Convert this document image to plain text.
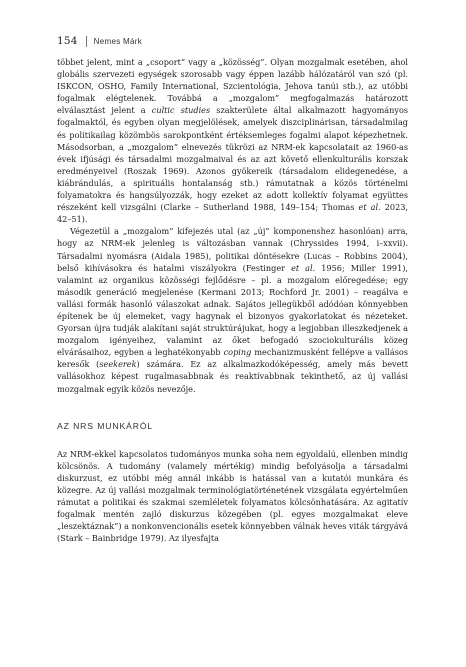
154 Nemes Márk

többet jelent, mint a „csoport” vagy a „közösség”. Olyan mozgalmak esetében, ahol globális szervezeti egységek szorosabb vagy éppen lazább hálózatáról van szó (pl. ISKCON, OSHO, Family International, Szcientológia, Jehova tanúi stb.), az utóbbi fogalmak elégtelenek. Továbbá a „mozgalom” megfogalmazás határozott elválasztást jelent a cultic studies szakterülete által alkalmazott hagyományos fogalmaktól, és egyben olyan megjelölések, amelyek diszciplinárisan, társadalmilag és politikailag közömbös sarokpontként értéksemleges fogalmi alapot képezhetnek. Másodsorban, a „mozgalom” elnevezés tükrözi az NRM-ek kapcsolatait az 1960-as évek ifjúsági és társadalmi mozgalmaival és az azt követő ellenkulturális korszak eredményeivel (Roszak 1969). Azonos gyökereik (társadalom elidegenedése, a kiábrándulás, a spirituális hontalanság stb.) rámutatnak a közös történelmi folyamatokra és hangsúlyozzák, hogy ezeket az adott kollektív folyamat együttes részeként kell vizsgálni (Clarke – Sutherland 1988, 149–154; Thomas et al. 2023, 42–51).

Végezetül a „mozgalom” kifejezés utal (az „új” komponenshez hasonlóan) arra, hogy az NRM-ek jelenleg is változásban vannak (Chryssides 1994, i–xxvii). Társadalmi nyomásra (Aidala 1985), politikai döntésekre (Lucas – Robbins 2004), belső kihívásokra és hatalmi viszályokra (Festinger et al. 1956; Miller 1991), valamint az organikus közösségi fejlődésre – pl. a mozgalom előregedése; egy második generáció megjelenése (Kermani 2013; Rochford Jr. 2001) – reagálva e vallási formák hasonló válaszokat adnak. Sajátos jellegükből adódóan könnyebben építenek be új elemeket, vagy hagynak el bizonyos gyakorlatokat és nézeteket. Gyorsan újra tudják alakítani saját struktúrájukat, hogy a legjobban illeszkedjenek a mozgalom igényeihez, valamint az őket befogadó szociokulturális közeg elvárásaihoz, egyben a leghatékonyabb coping mechanizmusként fellépve a vallásos keresők (seekerek) számára. Ez az alkalmazkodóképesség, amely más bevett vallásokhoz képest rugalmasabbnak és reaktívabbnak tekinthető, az új vallási mozgalmak egyik közös nevezője.

AZ NRS MUNKÁRÓL

Az NRM-ekkel kapcsolatos tudományos munka soha nem egyoldalú, ellenben mindig kölcsönös. A tudomány (valamely mértékig) mindig befolyásolja a társadalmi diskurzust, ez utóbbi még annál inkább is hatással van a kutatói munkára és közegre. Az új vallási mozgalmak terminológiatörténetének vizsgálata egyértelműen rámutat a politikai és szakmai szemléletek folyamatos kölcsönhatására. Az agitatív fogalmak mentén zajló diskurzus közegében (pl. egyes mozgalmakat eleve „leszektáznak”) a nonkonvencionális esetek könnyebben válnak heves viták tárgyává (Stark – Bainbridge 1979). Az ilyesfajta
